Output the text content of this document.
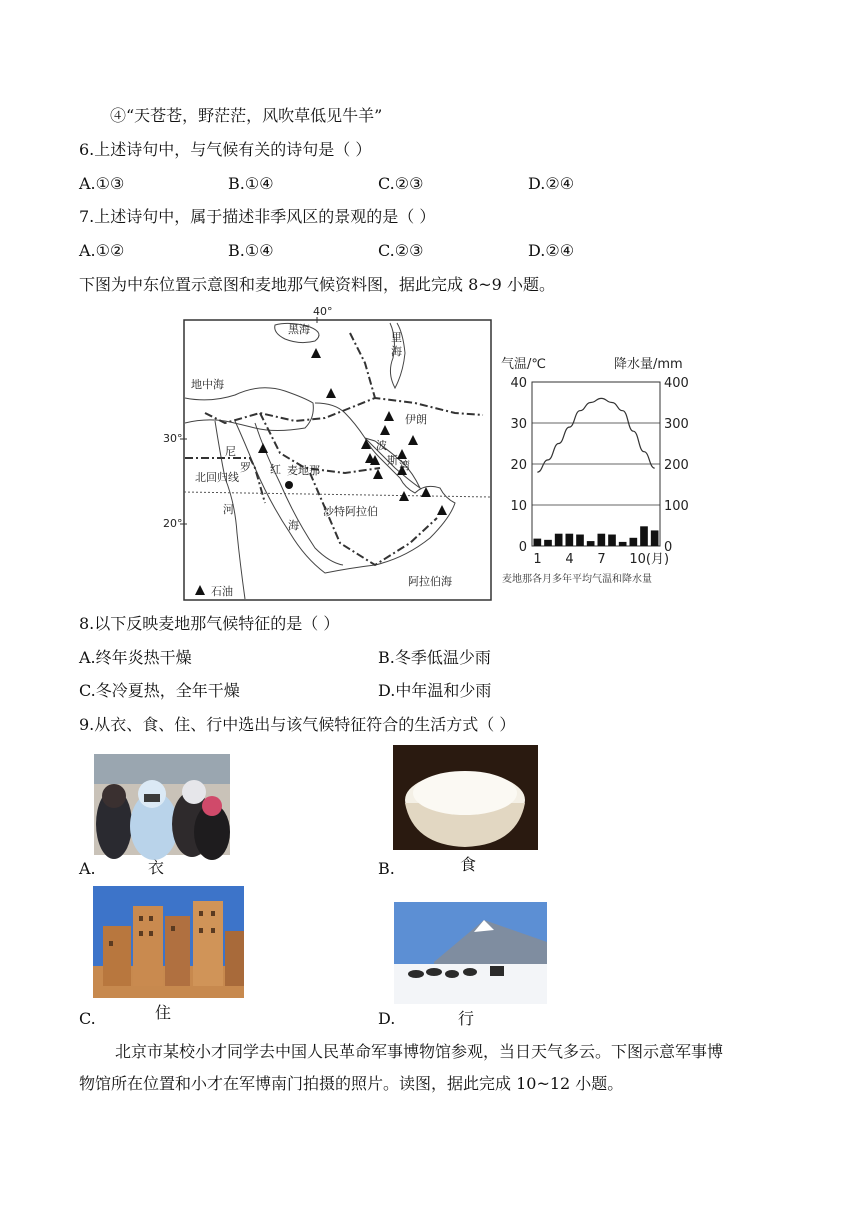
④“天苍苍，野茫茫，风吹草低见牛羊”
6.上述诗句中，与气候有关的诗句是（ ）
A.①③	B.①④	C.②③	D.②④
7.上述诗句中，属于描述非季风区的景观的是（ ）
A.①②	B.①④	C.②③	D.②④
下图为中东位置示意图和麦地那气候资料图，据此完成 8~9 小题。
40°
30°
20°
黑海
里
海
地中海
伊朗
波
斯 湾
尼
罗
河
红
海
北回归线
麦地那
沙特阿拉伯
阿拉伯海
石油
气温/℃	降水量/mm
40	400
30	300
20	200
10	100
0	0
1 4 7 10(月)
麦地那各月多年平均气温和降水量
8.以下反映麦地那气候特征的是（ ）
A.终年炎热干燥	B.冬季低温少雨
C.冬冷夏热，全年干燥	D.中年温和少雨
9.从衣、食、住、行中选出与该气候特征符合的生活方式（ ）
衣
A.	食
B.
住
C.	行
D.
北京市某校小才同学去中国人民革命军事博物馆参观，当日天气多云。下图示意军事博
物馆所在位置和小才在军博南门拍摄的照片。读图，据此完成 10~12 小题。
